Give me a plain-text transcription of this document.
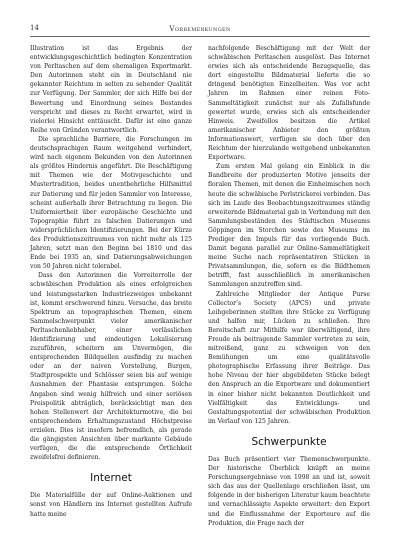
14	Vorbemerkungen

Illustration ist das Ergebnis der entwicklungsgeschichtlich bedingten Konzentration von Perltaschen auf dem ehemaligen Exportmarkt. Den Autorinnen steht ein in Deutschland nie gekannter Reichtum in selten zu sehender Qualität zur Verfügung. Der Sammler, der sich Hilfe bei der Bewertung und Einordnung seines Bestandes verspricht und dieses zu Recht erwartet, wird in vielerlei Hinsicht enttäuscht. Dafür ist eine ganze Reihe von Gründen verantwortlich.

Die sprachliche Barriere, die Forschungen im deutschsprachigen Raum weitgehend verhindert, wird nach eigenem Bekunden von den Autorinnen als größtes Hindernis angeführt. Die Beschäftigung mit Themen wie der Motivgeschichte und Mustertradition, beides unentbehrliche Hilfsmittel zur Datierung und für jeden Sammler von Interesse, scheint außerhalb ihrer Betrachtung zu liegen. Die Uniformiertheit über europäische Geschichte und Topographie führt zu falschen Datierungen und widersprüchlichen Identifizierungen. Bei der Kürze des Produktionszeitraumes von nicht mehr als 125 Jahren, setzt man den Beginn bei 1810 und das Ende bei 1935 an, sind Datierungsabweichungen von 50 Jahren nicht tolerabel.

Dass den Autorinnen die Vorreiterrolle der schwäbischen Produktion als eines erfolgreichen und leistungsstarken Industriezweiges unbekannt ist, kommt erschwerend hinzu. Versuche, das breite Spektrum an topographischen Themen, einem Sammelschwerpunkt vieler amerikanischer Perltaschenliebhaber, einer verlässlichen Identifizierung und eindeutigen Lokalisierung zuzuführen, scheitern am Unvermögen, die entsprechenden Bildquellen ausfindig zu machen oder an der naiven Vorstellung, Burgen, Stadtprospekte und Schlösser seien bis auf wenige Ausnahmen der Phantasie entsprungen. Solche Angaben sind wenig hilfreich und einer seriösen Preispolitik abträglich, berücksichtigt man den hohen Stellenwert der Architekturmotive, die bei entsprechendem Erhaltungszustand Höchstpreise erzielen. Dies ist insofern befremdlich, als gerade die gängigsten Ansichten über markante Gebäude verfügen, die die entsprechende Örtlichkeit zweifelsfrei definieren.

Internet

Die Materialfülle der auf Online-Auktionen und sonst von Händlern ins Internet gestellten Aufrufe hatte meine

nachfolgende Beschäftigung mit der Welt der schwäbischen Perltaschen ausgelöst. Das Internet erwies sich als entscheidende Bezugsquelle, das dort eingestellte Bildmaterial lieferte die so dringend benötigten Einzelheiten. Was vor acht Jahren im Rahmen einer reinen Foto-Sammeltätigkeit zunächst nur als Zufallsfunde gewertet wurde, erwies sich als entscheidender Hinweis. Zweifellos besitzen die Artikel amerikanischer Anbieter den größten Informationswert, verfügen sie doch über den Reichtum der hierzulande weitgehend unbekannten Exportware.

Zum ersten Mal gelang ein Einblick in die Bandbreite der produzierten Motive jenseits der floralen Themen, mit denen die Einheimischen noch heute die schwäbische Perlstrickerei verbinden. Das sich im Laufe des Beobachtungszeitraumes ständig erweiternde Bildmaterial gab in Verbindung mit den Sammlungsbeständen des Städtischen Museums Göppingen im Storchen sowie des Museums im Prediger den Impuls für das vorliegende Buch. Damit begann parallel zur Online-Sammeltätigkeit meine Suche nach repräsentativen Stücken in Privatsammlungen, die, sofern es die Bildthemen betrifft, fast ausschließlich in amerikanischen Sammlungen anzutreffen sind.

Zahlreiche Mitglieder der Antique Purse Collector’s Society (APCS) und private Leihgeberinnen stellten ihre Stücke zu Verfügung und halfen mir, Lücken zu schließen. Ihre Bereitschaft zur Mithilfe war überwältigend, ihre Freude als beitragende Sammler vertreten zu sein, mitreißend, ganz zu schweigen von den Bemühungen um eine qualitätsvolle photographische Erfassung ihrer Beiträge. Das hohe Niveau der hier abgebildeten Stücke belegt den Anspruch an die Exportware und dokumentiert in einer bisher nicht bekannten Deutlichkeit und Vielfältigkeit das Entwicklungs- und Gestaltungspotential der schwäbischen Produktion im Verlauf von 125 Jahren.

Schwerpunkte

Das Buch präsentiert vier Themenschwerpunkte. Der historische Überblick knüpft an meine Forschungsergebnisse von 1998 an und ist, soweit sich das aus der Quellenlage erschließen lässt, um folgende in der bisherigen Literatur kaum beachtete und vernachlässigte Aspekte erweitert: den Export und die Einflussnahme der Exporteure auf die Produktion, die Frage nach der
